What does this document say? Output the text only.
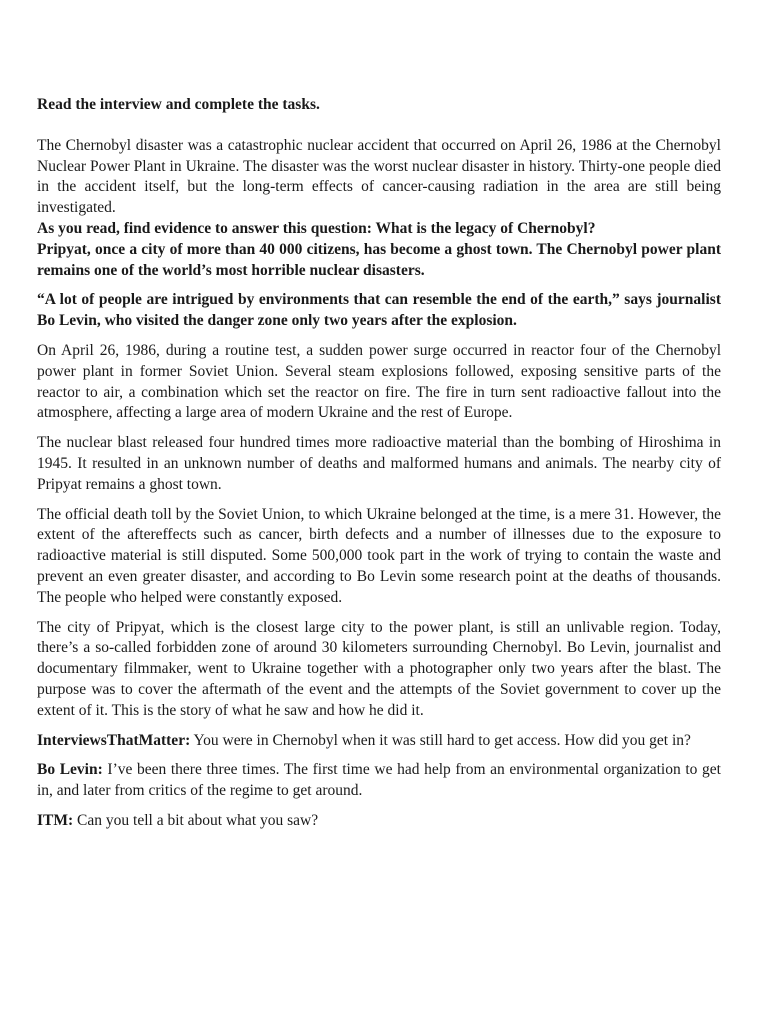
Read the interview and complete the tasks.

The Chernobyl disaster was a catastrophic nuclear accident that occurred on April 26, 1986 at the Chernobyl Nuclear Power Plant in Ukraine. The disaster was the worst nuclear disaster in history. Thirty-one people died in the accident itself, but the long-term effects of cancer-causing radiation in the area are still being investigated.

As you read, find evidence to answer this question: What is the legacy of Chernobyl?

Pripyat, once a city of more than 40 000 citizens, has become a ghost town. The Chernobyl power plant remains one of the world’s most horrible nuclear disasters.

“A lot of people are intrigued by environments that can resemble the end of the earth,” says journalist Bo Levin, who visited the danger zone only two years after the explosion.

On April 26, 1986, during a routine test, a sudden power surge occurred in reactor four of the Chernobyl power plant in former Soviet Union. Several steam explosions followed, exposing sensitive parts of the reactor to air, a combination which set the reactor on fire. The fire in turn sent radioactive fallout into the atmosphere, affecting a large area of modern Ukraine and the rest of Europe.

The nuclear blast released four hundred times more radioactive material than the bombing of Hiroshima in 1945. It resulted in an unknown number of deaths and malformed humans and animals. The nearby city of Pripyat remains a ghost town.

The official death toll by the Soviet Union, to which Ukraine belonged at the time, is a mere 31. However, the extent of the aftereffects such as cancer, birth defects and a number of illnesses due to the exposure to radioactive material is still disputed. Some 500,000 took part in the work of trying to contain the waste and prevent an even greater disaster, and according to Bo Levin some research point at the deaths of thousands. The people who helped were constantly exposed.

The city of Pripyat, which is the closest large city to the power plant, is still an unlivable region. Today, there’s a so-called forbidden zone of around 30 kilometers surrounding Chernobyl. Bo Levin, journalist and documentary filmmaker, went to Ukraine together with a photographer only two years after the blast. The purpose was to cover the aftermath of the event and the attempts of the Soviet government to cover up the extent of it. This is the story of what he saw and how he did it.

InterviewsThatMatter: You were in Chernobyl when it was still hard to get access. How did you get in?

Bo Levin: I’ve been there three times. The first time we had help from an environmental organization to get in, and later from critics of the regime to get around.

ITM: Can you tell a bit about what you saw?
